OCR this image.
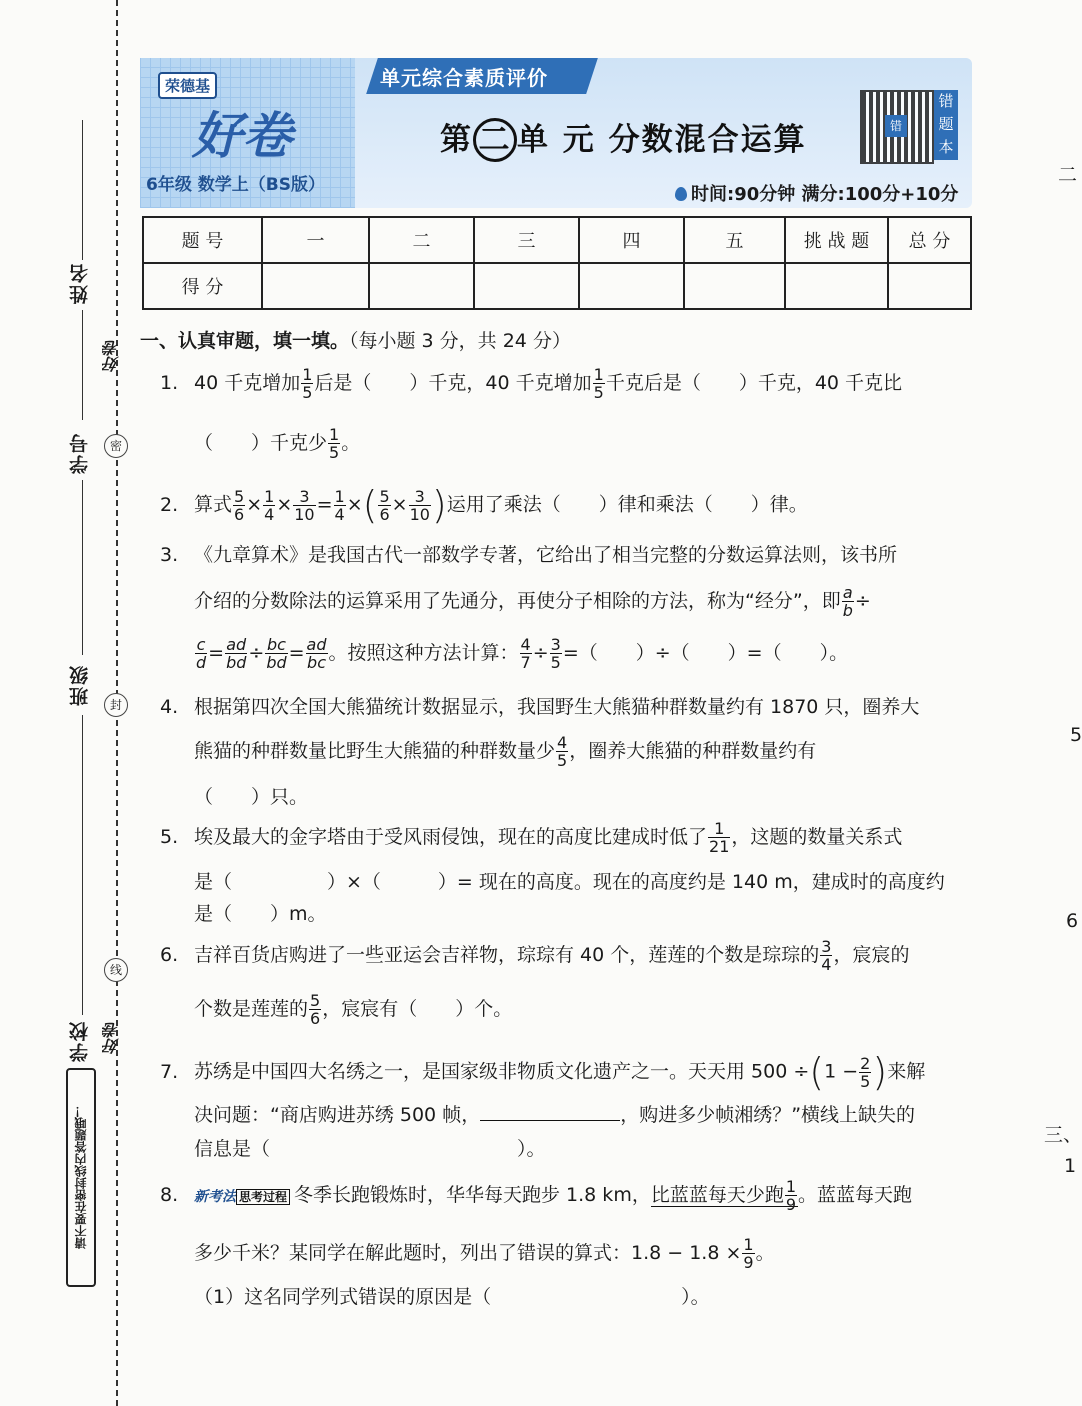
姓名
学号
班级
学校
好卷
密
封
线
好卷
请不要在密封线内答题哦！
荣德基
好卷
6年级 数学上（BS版）
单元综合素质评价
第 二 单 元 分数混合运算	错
错题本
时间:90分钟 满分:100分+10分
题 号	一	二	三	四	五	挑 战 题	总 分
得 分							
一、认真审题，填一填。（每小题 3 分，共 24 分）
1. 40 千克增加 $\frac{1}{5}$ 后是（　　）千克，40 千克增加 $\frac{1}{5}$ 千克后是（　　）千克，40 千克比
（　　）千克少 $\frac{1}{5}$ 。
2. 算式 $\frac{5}{6} \times \frac{1}{4} \times \frac{3}{10} = \frac{1}{4}$ ×( $\frac{5}{6} \times \frac{3}{10}$ )运用了乘法（　　）律和乘法（　　）律。
3. 《九章算术》是我国古代一部数学专著，它给出了相当完整的分数运算法则，该书所
介绍的分数除法的运算采用了先通分，再使分子相除的方法，称为“经分”，即 $\frac{a}{b}$ ÷
$\frac{c}{d} = \frac{ad}{bd} \div \frac{bc}{bd} = \frac{ad}{bc}$ 。按照这种方法计算： $\frac{4}{7} \div \frac{3}{5}$ =（　　）÷（　　）=（　　）。
4. 根据第四次全国大熊猫统计数据显示，我国野生大熊猫种群数量约有 1870 只，圈养大
熊猫的种群数量比野生大熊猫的种群数量少 $\frac{4}{5}$ ，圈养大熊猫的种群数量约有
（　　）只。
5. 埃及最大的金字塔由于受风雨侵蚀，现在的高度比建成时低了 $\frac{1}{21}$ ，这题的数量关系式
是（　　　　　）×（　　　）= 现在的高度。现在的高度约是 140 m，建成时的高度约
是（　　）m。
6. 吉祥百货店购进了一些亚运会吉祥物，琮琮有 40 个，莲莲的个数是琮琮的 $\frac{3}{4}$ ，宸宸的
个数是莲莲的 $\frac{5}{6}$ ，宸宸有（　　）个。
7. 苏绣是中国四大名绣之一，是国家级非物质文化遗产之一。天天用 $500 \div(1 - \frac{2}{5}$ )来解
决问题：“商店购进苏绣 500 帧，	，购进多少帧湘绣？”横线上缺失的
信息是（　　　　　　　　　　　　　）。
8. 新考法 思考过程 冬季长跑锻炼时，华华每天跑步 1.8 km，比蓝蓝每天少跑 $\frac{1}{9}$ 。蓝蓝每天跑
多少千米？某同学在解此题时，列出了错误的算式：$1.8 - 1.8 \times \frac{1}{9}$ 。
（1）这名同学列式错误的原因是（　　　　　　　　　　）。
二
5
6
三、
1
